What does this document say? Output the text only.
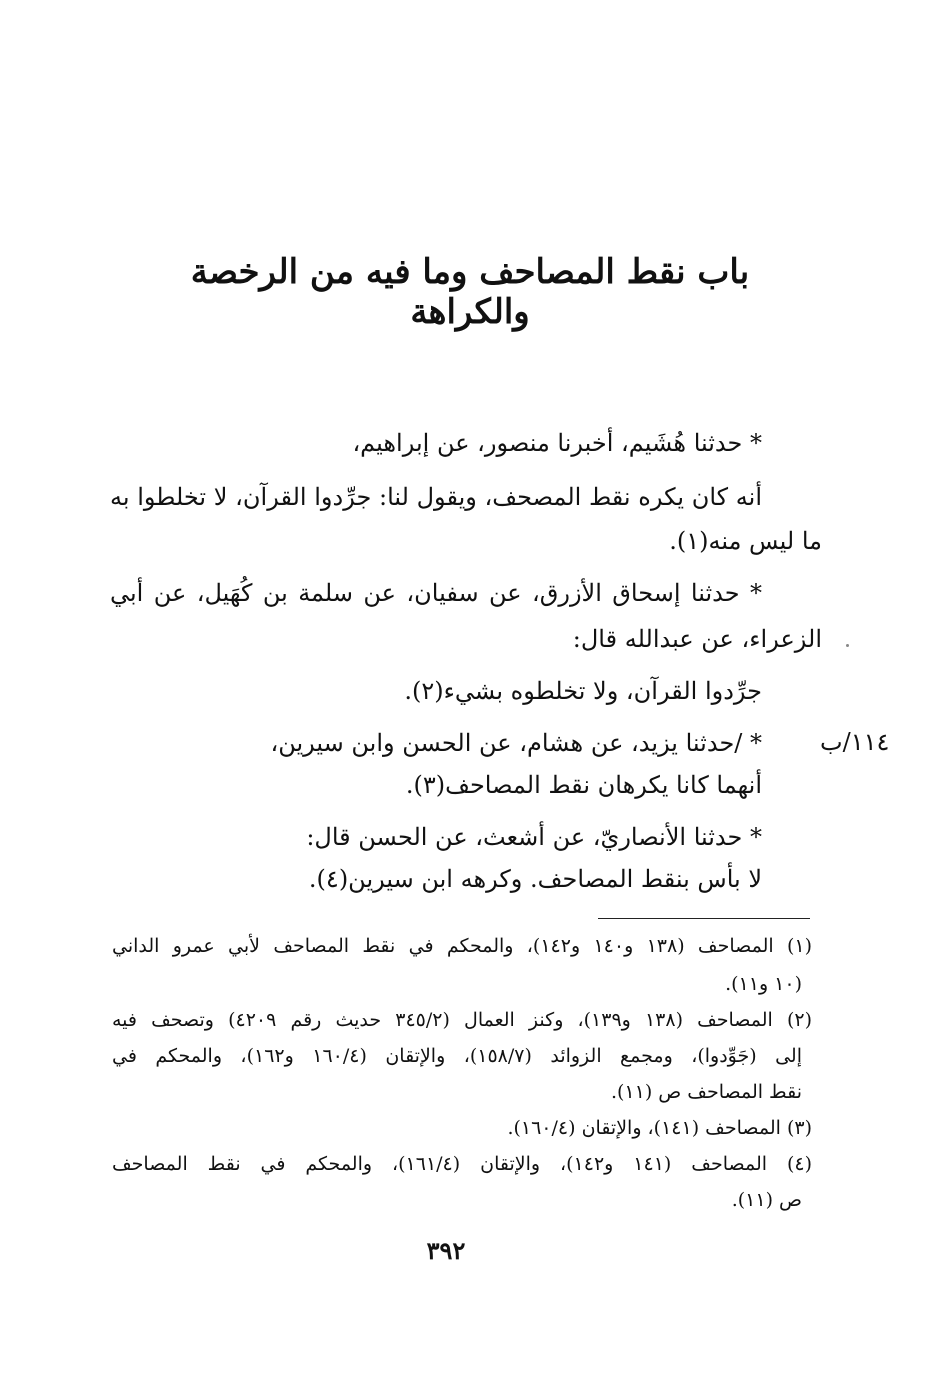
باب نقط المصاحف وما فيه من الرخصة والكراهة
* حدثنا هُشَيم، أخبرنا منصور، عن إبراهيم،
أنه كان يكره نقط المصحف، ويقول لنا: جرِّدوا القرآن، لا تخلطوا به
ما ليس منه(١).
* حدثنا إسحاق الأزرق، عن سفيان، عن سلمة بن كُهَيل، عن أبي
الزعراء، عن عبدالله قال:
جرِّدوا القرآن، ولا تخلطوه بشيء(٢).
* /حدثنا يزيد، عن هشام، عن الحسن وابن سيرين،
أنهما كانا يكرهان نقط المصاحف(٣).
* حدثنا الأنصاريّ، عن أشعث، عن الحسن قال:
لا بأس بنقط المصاحف. وكرهه ابن سيرين(٤).
١١٤/ب
(١) المصاحف (١٣٨ و١٤٠ و١٤٢)، والمحكم في نقط المصاحف لأبي عمرو الداني
(١٠ و١١).
(٢) المصاحف (١٣٨ و١٣٩)، وكنز العمال (٣٤٥/٢ حديث رقم ٤٢٠٩) وتصحف فيه
إلى (جَوِّدوا)، ومجمع الزوائد (١٥٨/٧)، والإتقان (١٦٠/٤ و١٦٢)، والمحكم في
نقط المصاحف ص (١١).
(٣) المصاحف (١٤١)، والإتقان (١٦٠/٤).
(٤) المصاحف (١٤١ و١٤٢)، والإتقان (١٦١/٤)، والمحكم في نقط المصاحف
ص (١١).
٣٩٢
